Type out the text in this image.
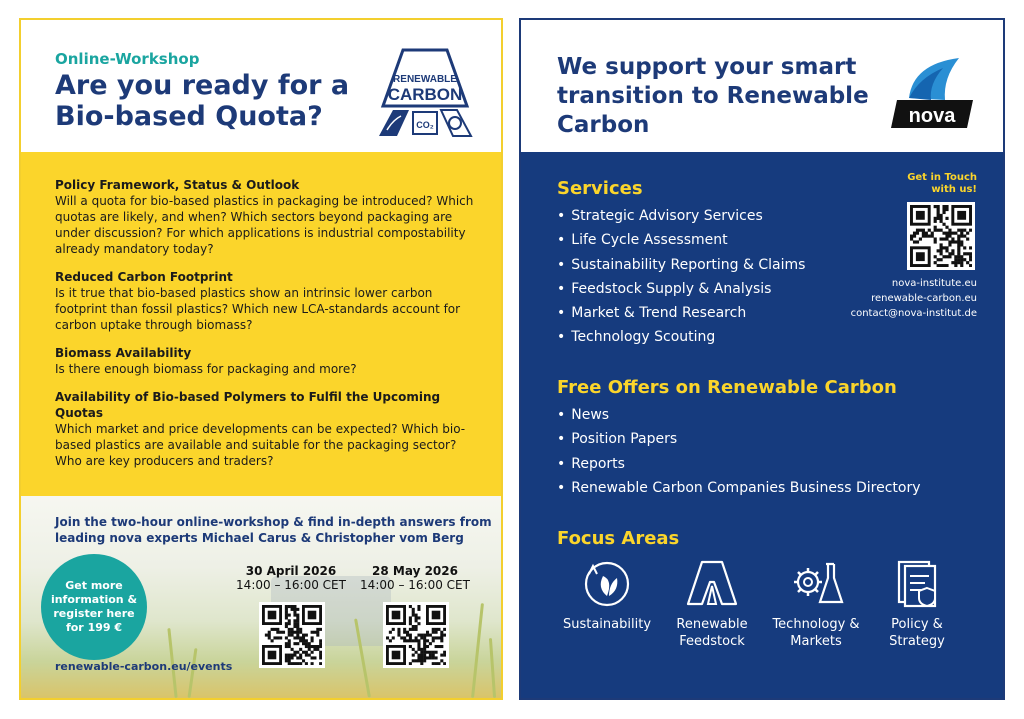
Online-Workshop
Are you ready for a Bio-based Quota?
RENEWABLE
CARBON
CO₂
Policy Framework, Status & Outlook
Will a quota for bio-based plastics in packaging be introduced? Which quotas are likely, and when? Which sectors beyond packaging are under discussion? For which applications is industrial compostability already mandatory today?
Reduced Carbon Footprint
Is it true that bio-based plastics show an intrinsic lower carbon footprint than fossil plastics? Which new LCA-standards account for carbon uptake through biomass?
Biomass Availability
Is there enough biomass for packaging and more?
Availability of Bio-based Polymers to Fulfil the Upcoming Quotas
Which market and price developments can be expected? Which bio-based plastics are available and suitable for the packaging sector? Who are key producers and traders?
Join the two-hour online-workshop & find in-depth answers from leading nova experts Michael Carus & Christopher vom Berg
Get more information & register here for 199 €
30 April 2026
14:00 – 16:00 CET
28 May 2026
14:00 – 16:00 CET
renewable-carbon.eu/events
We support your smart transition to Renewable Carbon	nova
Services
• Strategic Advisory Services
• Life Cycle Assessment
• Sustainability Reporting & Claims
• Feedstock Supply & Analysis
• Market & Trend Research
• Technology Scouting
Get in Touch with us!
nova-institute.eu
renewable-carbon.eu
contact@nova-institut.de
Free Offers on Renewable Carbon
• News
• Position Papers
• Reports
• Renewable Carbon Companies Business Directory
Focus Areas
Sustainability	Renewable Feedstock
Technology & Markets
Policy & Strategy
